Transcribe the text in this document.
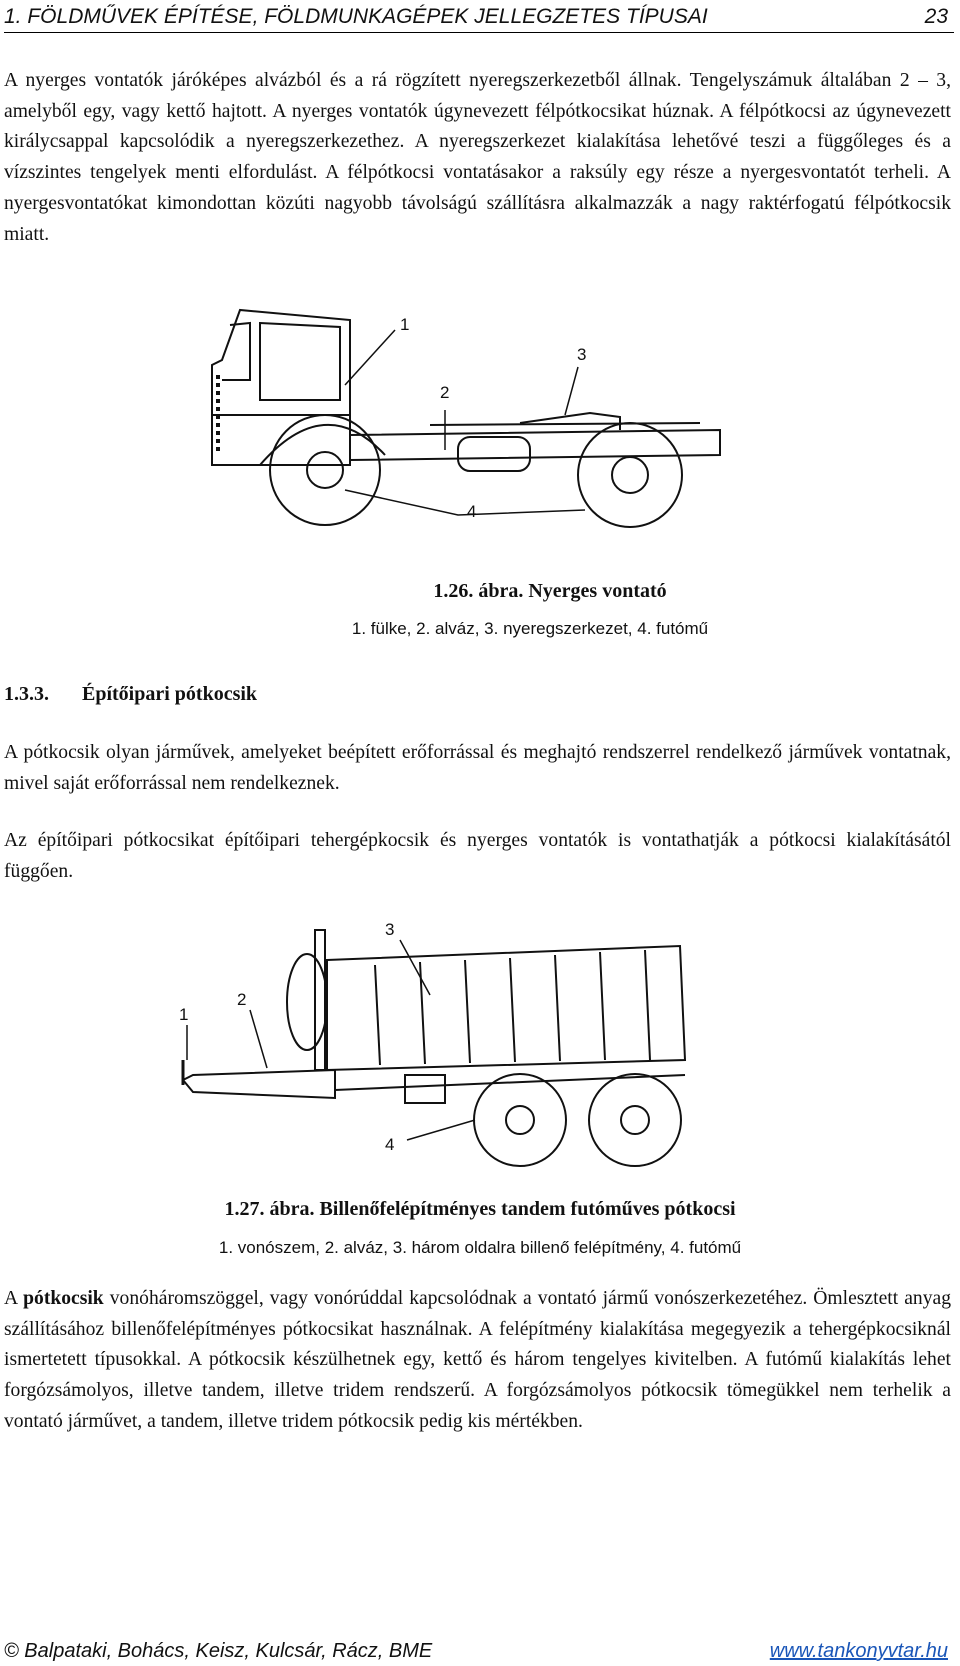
1. FÖLDMŰVEK ÉPÍTÉSE, FÖLDMUNKAGÉPEK JELLEGZETES TÍPUSAI	23

A nyerges vontatók járóképes alvázból és a rá rögzített nyeregszerkezetből állnak. Tengelyszámuk általában 2 – 3, amelyből egy, vagy kettő hajtott. A nyerges vontatók úgynevezett félpótkocsikat húznak. A félpótkocsi az úgynevezett királycsappal kapcsolódik a nyeregszerkezethez. A nyeregszerkezet kialakítása lehetővé teszi a függőleges és a vízszintes tengelyek menti elfordulást. A félpótkocsi vontatásakor a raksúly egy része a nyergesvontatót terheli. A nyergesvontatókat kimondottan közúti nagyobb távolságú szállításra alkalmazzák a nagy raktérfogatú félpótkocsik miatt.

1
2
3
4
1.26. ábra. Nyerges vontató
1. fülke, 2. alváz, 3. nyeregszerkezet, 4. futómű
1.3.3. Építőipari pótkocsik

A pótkocsik olyan járművek, amelyeket beépített erőforrással és meghajtó rendszerrel rendelkező járművek vontatnak, mivel saját erőforrással nem rendelkeznek.

Az építőipari pótkocsikat építőipari tehergépkocsik és nyerges vontatók is vontathatják a pótkocsi kialakításától függően.

1
2
3
4
1.27. ábra. Billenőfelépítményes tandem futóműves pótkocsi
1. vonószem, 2. alváz, 3. három oldalra billenő felépítmény, 4. futómű

A pótkocsik vonóháromszöggel, vagy vonórúddal kapcsolódnak a vontató jármű vonószerkezetéhez. Ömlesztett anyag szállításához billenőfelépítményes pótkocsikat használnak. A felépítmény kialakítása megegyezik a tehergépkocsiknál ismertetett típusokkal. A pótkocsik készülhetnek egy, kettő és három tengelyes kivitelben. A futómű kialakítás lehet forgózsámolyos, illetve tandem, illetve tridem rendszerű. A forgózsámolyos pótkocsik tömegükkel nem terhelik a vontató járművet, a tandem, illetve tridem pótkocsik pedig kis mértékben.

© Balpataki, Bohács, Keisz, Kulcsár, Rácz, BME	www.tankonyvtar.hu
